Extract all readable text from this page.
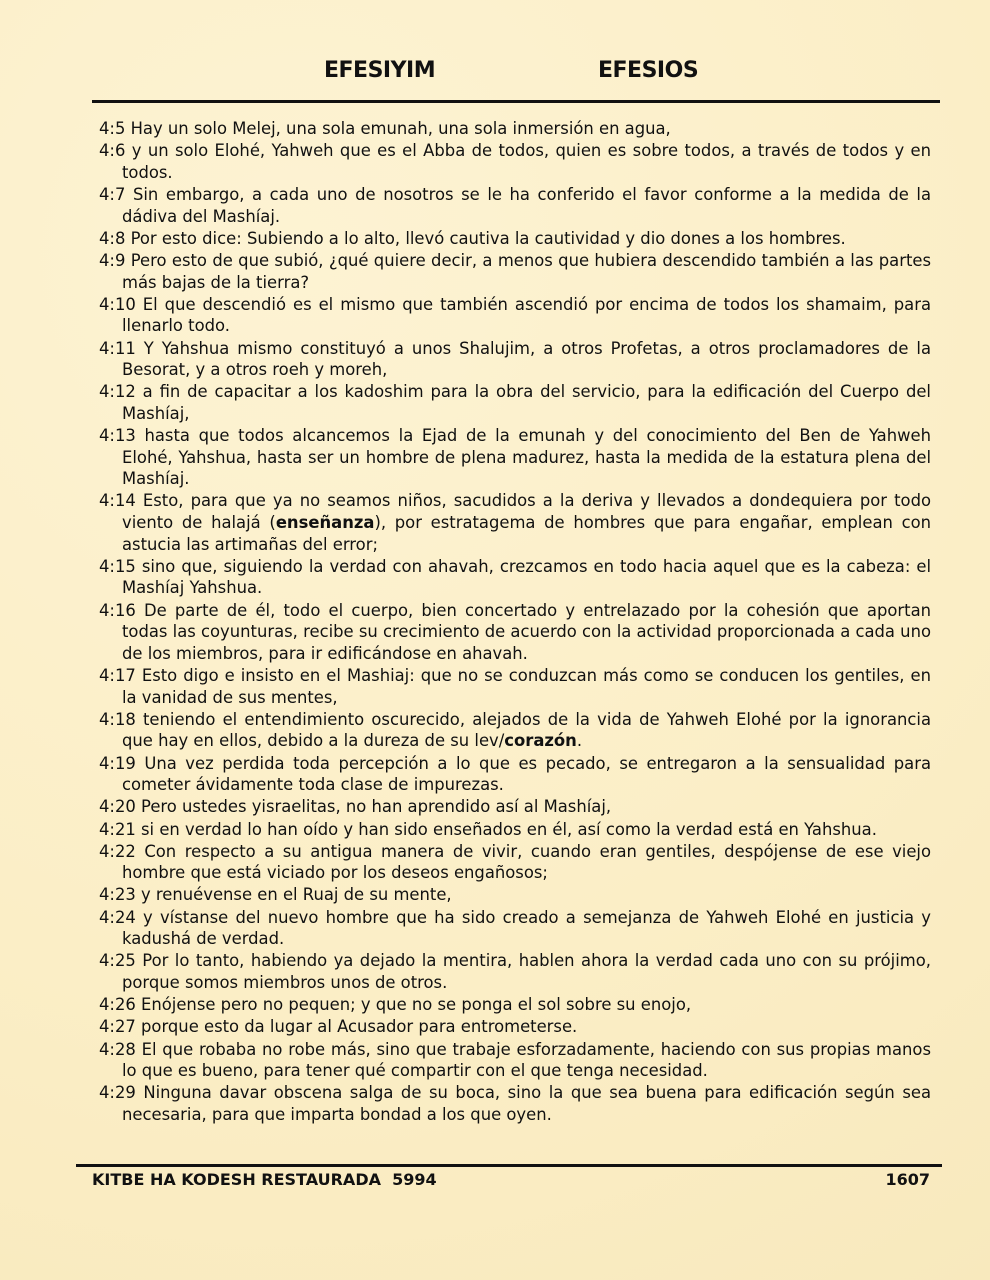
EFESIYIM	EFESIOS

4:5 Hay un solo Melej, una sola emunah, una sola inmersión en agua,

4:6 y un solo Elohé, Yahweh que es el Abba de todos, quien es sobre todos, a través de todos y en todos.

4:7 Sin embargo, a cada uno de nosotros se le ha conferido el favor conforme a la medida de la dádiva del Mashíaj.

4:8 Por esto dice: Subiendo a lo alto, llevó cautiva la cautividad y dio dones a los hombres.

4:9 Pero esto de que subió, ¿qué quiere decir, a menos que hubiera descendido también a las partes más bajas de la tierra?

4:10 El que descendió es el mismo que también ascendió por encima de todos los shamaim, para llenarlo todo.

4:11 Y Yahshua mismo constituyó a unos Shalujim, a otros Profetas, a otros proclamadores de la Besorat, y a otros roeh y moreh,

4:12 a fin de capacitar a los kadoshim para la obra del servicio, para la edificación del Cuerpo del Mashíaj,

4:13 hasta que todos alcancemos la Ejad de la emunah y del conocimiento del Ben de Yahweh Elohé, Yahshua, hasta ser un hombre de plena madurez, hasta la medida de la estatura plena del Mashíaj.

4:14 Esto, para que ya no seamos niños, sacudidos a la deriva y llevados a dondequiera por todo viento de halajá (enseñanza), por estratagema de hombres que para engañar, emplean con astucia las artimañas del error;

4:15 sino que, siguiendo la verdad con ahavah, crezcamos en todo hacia aquel que es la cabeza: el Mashíaj Yahshua.

4:16 De parte de él, todo el cuerpo, bien concertado y entrelazado por la cohesión que aportan todas las coyunturas, recibe su crecimiento de acuerdo con la actividad proporcionada a cada uno de los miembros, para ir edificándose en ahavah.

4:17 Esto digo e insisto en el Mashiaj: que no se conduzcan más como se conducen los gentiles, en la vanidad de sus mentes,

4:18 teniendo el entendimiento oscurecido, alejados de la vida de Yahweh Elohé por la ignorancia que hay en ellos, debido a la dureza de su lev/corazón.

4:19 Una vez perdida toda percepción a lo que es pecado, se entregaron a la sensualidad para cometer ávidamente toda clase de impurezas.

4:20 Pero ustedes yisraelitas, no han aprendido así al Mashíaj,

4:21 si en verdad lo han oído y han sido enseñados en él, así como la verdad está en Yahshua.

4:22 Con respecto a su antigua manera de vivir, cuando eran gentiles, despójense de ese viejo hombre que está viciado por los deseos engañosos;

4:23 y renuévense en el Ruaj de su mente,

4:24 y vístanse del nuevo hombre que ha sido creado a semejanza de Yahweh Elohé en justicia y kadushá de verdad.

4:25 Por lo tanto, habiendo ya dejado la mentira, hablen ahora la verdad cada uno con su prójimo, porque somos miembros unos de otros.

4:26 Enójense pero no pequen; y que no se ponga el sol sobre su enojo,

4:27 porque esto da lugar al Acusador para entrometerse.

4:28 El que robaba no robe más, sino que trabaje esforzadamente, haciendo con sus propias manos lo que es bueno, para tener qué compartir con el que tenga necesidad.

4:29 Ninguna davar obscena salga de su boca, sino la que sea buena para edificación según sea necesaria, para que imparta bondad a los que oyen.

KITBE HA KODESH RESTAURADA  5994	1607
